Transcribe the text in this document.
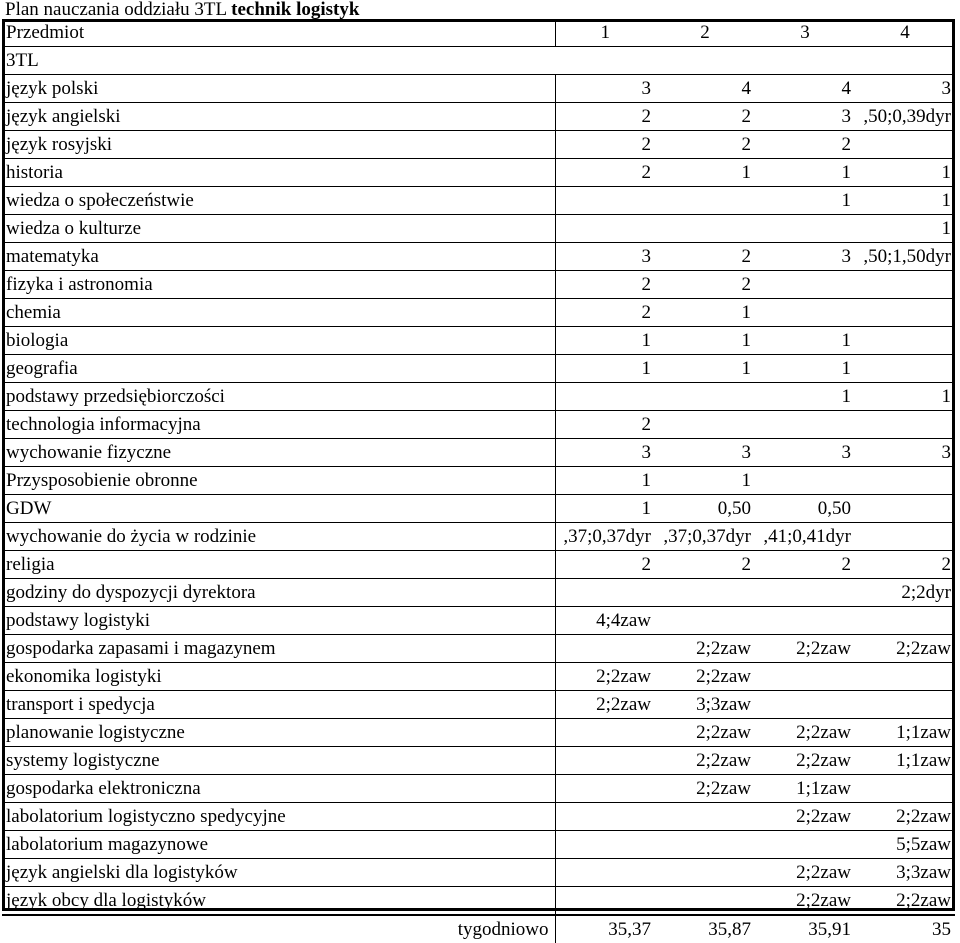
Plan nauczania oddziału 3TL technik logistyk
Przedmiot	1	2	3	4
3TL				
język polski	3	4	4	3
język angielski	2	2	3	,50;0,39dyr
język rosyjski	2	2	2	
historia	2	1	1	1
wiedza o społeczeństwie			1	1
wiedza o kulturze				1
matematyka	3	2	3	,50;1,50dyr
fizyka i astronomia	2	2		
chemia	2	1		
biologia	1	1	1	
geografia	1	1	1	
podstawy przedsiębiorczości			1	1
technologia informacyjna	2			
wychowanie fizyczne	3	3	3	3
Przysposobienie obronne	1	1		
GDW	1	0,50	0,50	
wychowanie do życia w rodzinie	,37;0,37dyr	,37;0,37dyr	,41;0,41dyr	
religia	2	2	2	2
godziny do dyspozycji dyrektora				2;2dyr
podstawy logistyki	4;4zaw			
gospodarka zapasami i magazynem		2;2zaw	2;2zaw	2;2zaw
ekonomika logistyki	2;2zaw	2;2zaw		
transport i spedycja	2;2zaw	3;3zaw		
planowanie logistyczne		2;2zaw	2;2zaw	1;1zaw
systemy logistyczne		2;2zaw	2;2zaw	1;1zaw
gospodarka elektroniczna		2;2zaw	1;1zaw	
labolatorium logistyczno spedycyjne			2;2zaw	2;2zaw
labolatorium magazynowe				5;5zaw
język angielski dla logistyków			2;2zaw	3;3zaw
język obcy dla logistyków			2;2zaw	2;2zaw
tygodniowo	35,37	35,87	35,91	35
